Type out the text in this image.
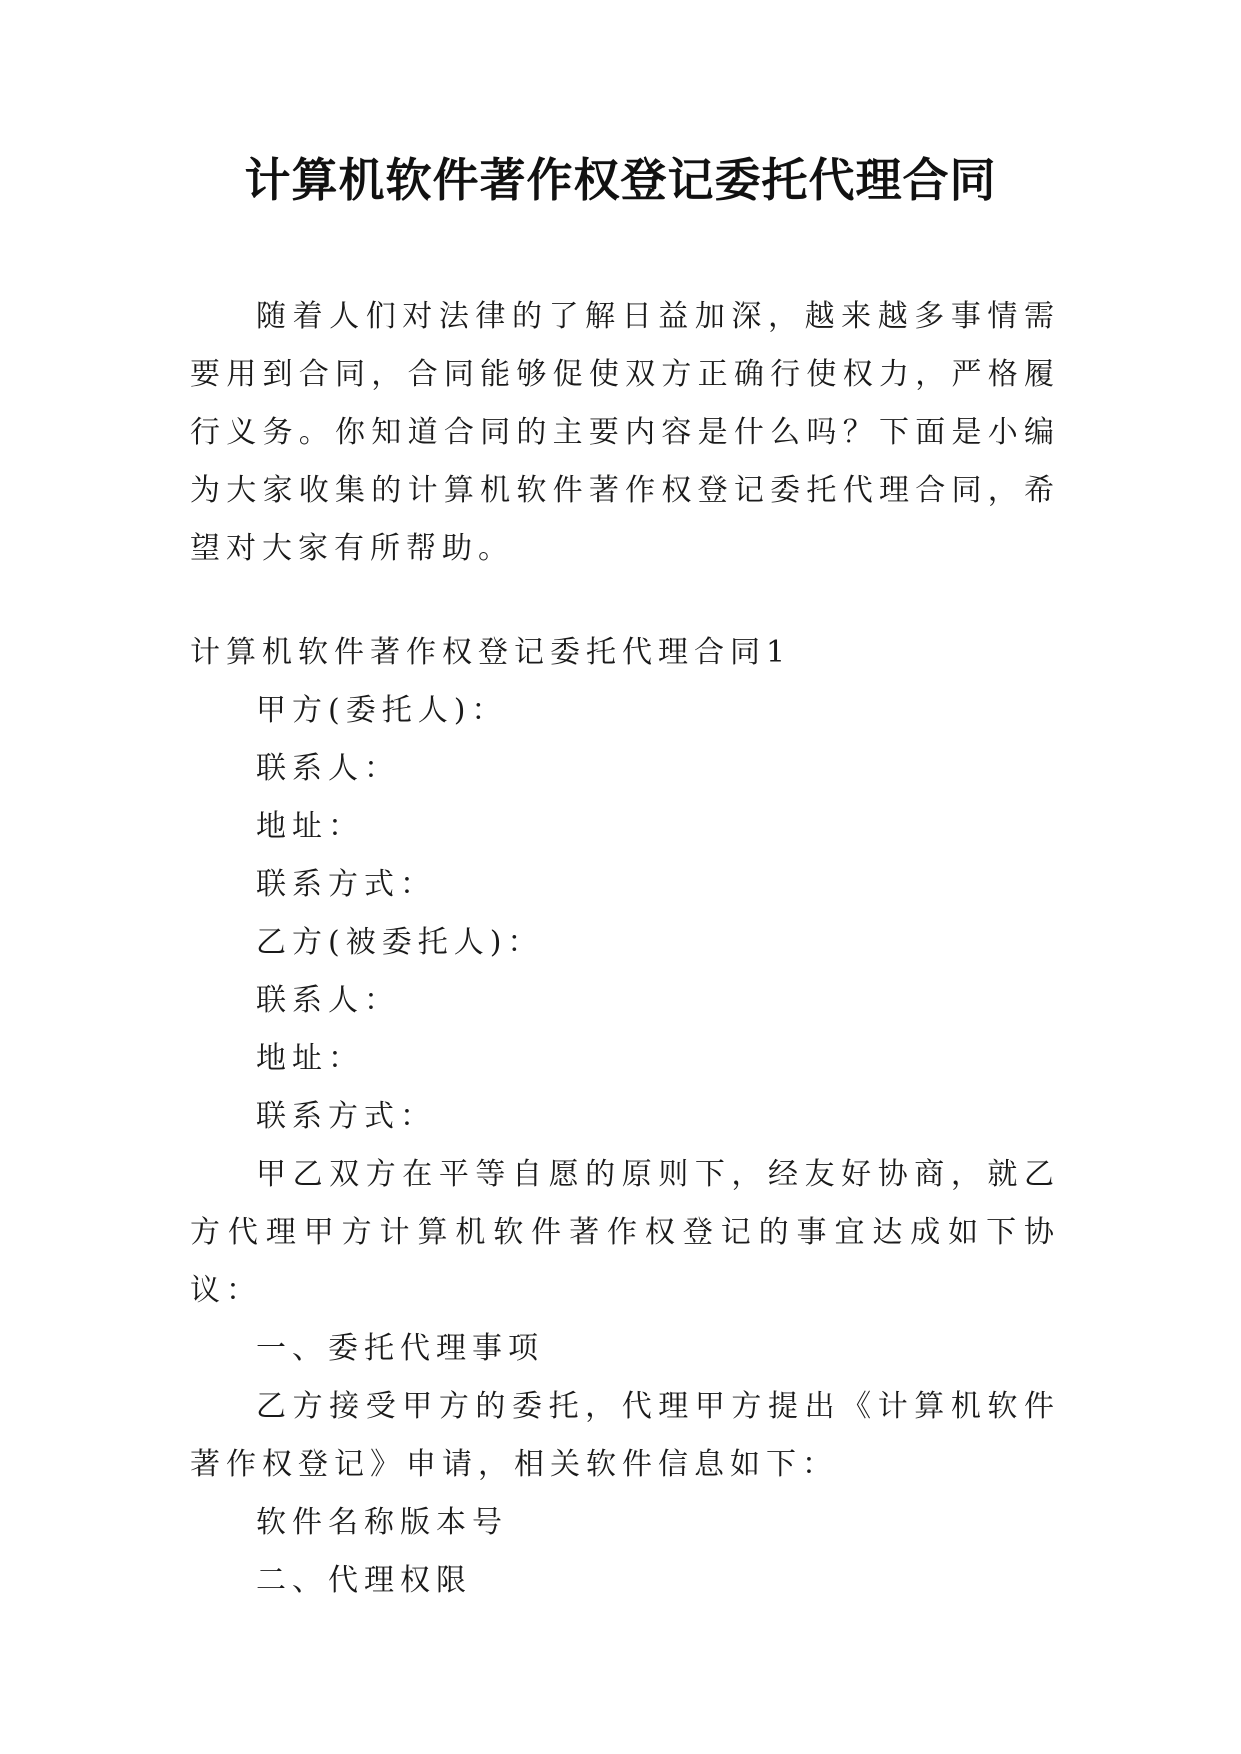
计算机软件著作权登记委托代理合同

随着人们对法律的了解日益加深，越来越多事情需要用到合同，合同能够促使双方正确行使权力，严格履行义务。你知道合同的主要内容是什么吗？下面是小编为大家收集的计算机软件著作权登记委托代理合同，希望对大家有所帮助。

计算机软件著作权登记委托代理合同1

甲方(委托人)：

联系人：

地址：

联系方式：

乙方(被委托人)：

联系人：

地址：

联系方式：

甲乙双方在平等自愿的原则下，经友好协商，就乙方代理甲方计算机软件著作权登记的事宜达成如下协议：

一、委托代理事项

乙方接受甲方的委托，代理甲方提出《计算机软件著作权登记》申请，相关软件信息如下：

软件名称版本号

二、代理权限
